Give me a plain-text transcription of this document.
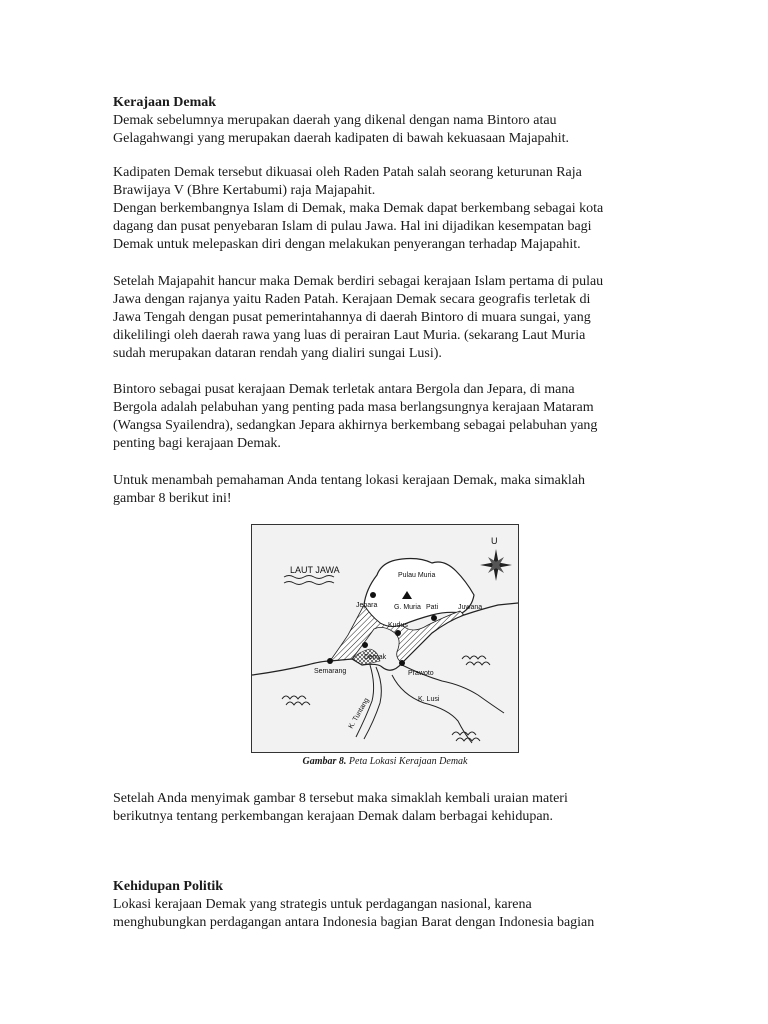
Kerajaan Demak

Demak sebelumnya merupakan daerah yang dikenal dengan nama Bintoro atau

Gelagahwangi yang merupakan daerah kadipaten di bawah kekuasaan Majapahit.

Kadipaten Demak tersebut dikuasai oleh Raden Patah salah seorang keturunan Raja

Brawijaya V (Bhre Kertabumi) raja Majapahit.

Dengan berkembangnya Islam di Demak, maka Demak dapat berkembang sebagai kota

dagang dan pusat penyebaran Islam di pulau Jawa. Hal ini dijadikan kesempatan bagi

Demak untuk melepaskan diri dengan melakukan penyerangan terhadap Majapahit.

Setelah Majapahit hancur maka Demak berdiri sebagai kerajaan Islam pertama di pulau

Jawa dengan rajanya yaitu Raden Patah. Kerajaan Demak secara geografis terletak di

Jawa Tengah dengan pusat pemerintahannya di daerah Bintoro di muara sungai, yang

dikelilingi oleh daerah rawa yang luas di perairan Laut Muria. (sekarang Laut Muria

sudah merupakan dataran rendah yang dialiri sungai Lusi).

Bintoro sebagai pusat kerajaan Demak terletak antara Bergola dan Jepara, di mana

Bergola adalah pelabuhan yang penting pada masa berlangsungnya kerajaan Mataram

(Wangsa Syailendra), sedangkan Jepara akhirnya berkembang sebagai pelabuhan yang

penting bagi kerajaan Demak.

Untuk menambah pemahaman Anda tentang lokasi kerajaan Demak, maka simaklah

gambar 8 berikut ini!

LAUT JAWA
U
Pulau Muria
Jepara G. Muria Pati	Juwana
Kudus
Demak
Semarang	Prawoto
K. Lusi
K. Tuntang
Gambar 8. Peta Lokasi Kerajaan Demak

Setelah Anda menyimak gambar 8 tersebut maka simaklah kembali uraian materi

berikutnya tentang perkembangan kerajaan Demak dalam berbagai kehidupan.

Kehidupan Politik

Lokasi kerajaan Demak yang strategis untuk perdagangan nasional, karena

menghubungkan perdagangan antara Indonesia bagian Barat dengan Indonesia bagian
